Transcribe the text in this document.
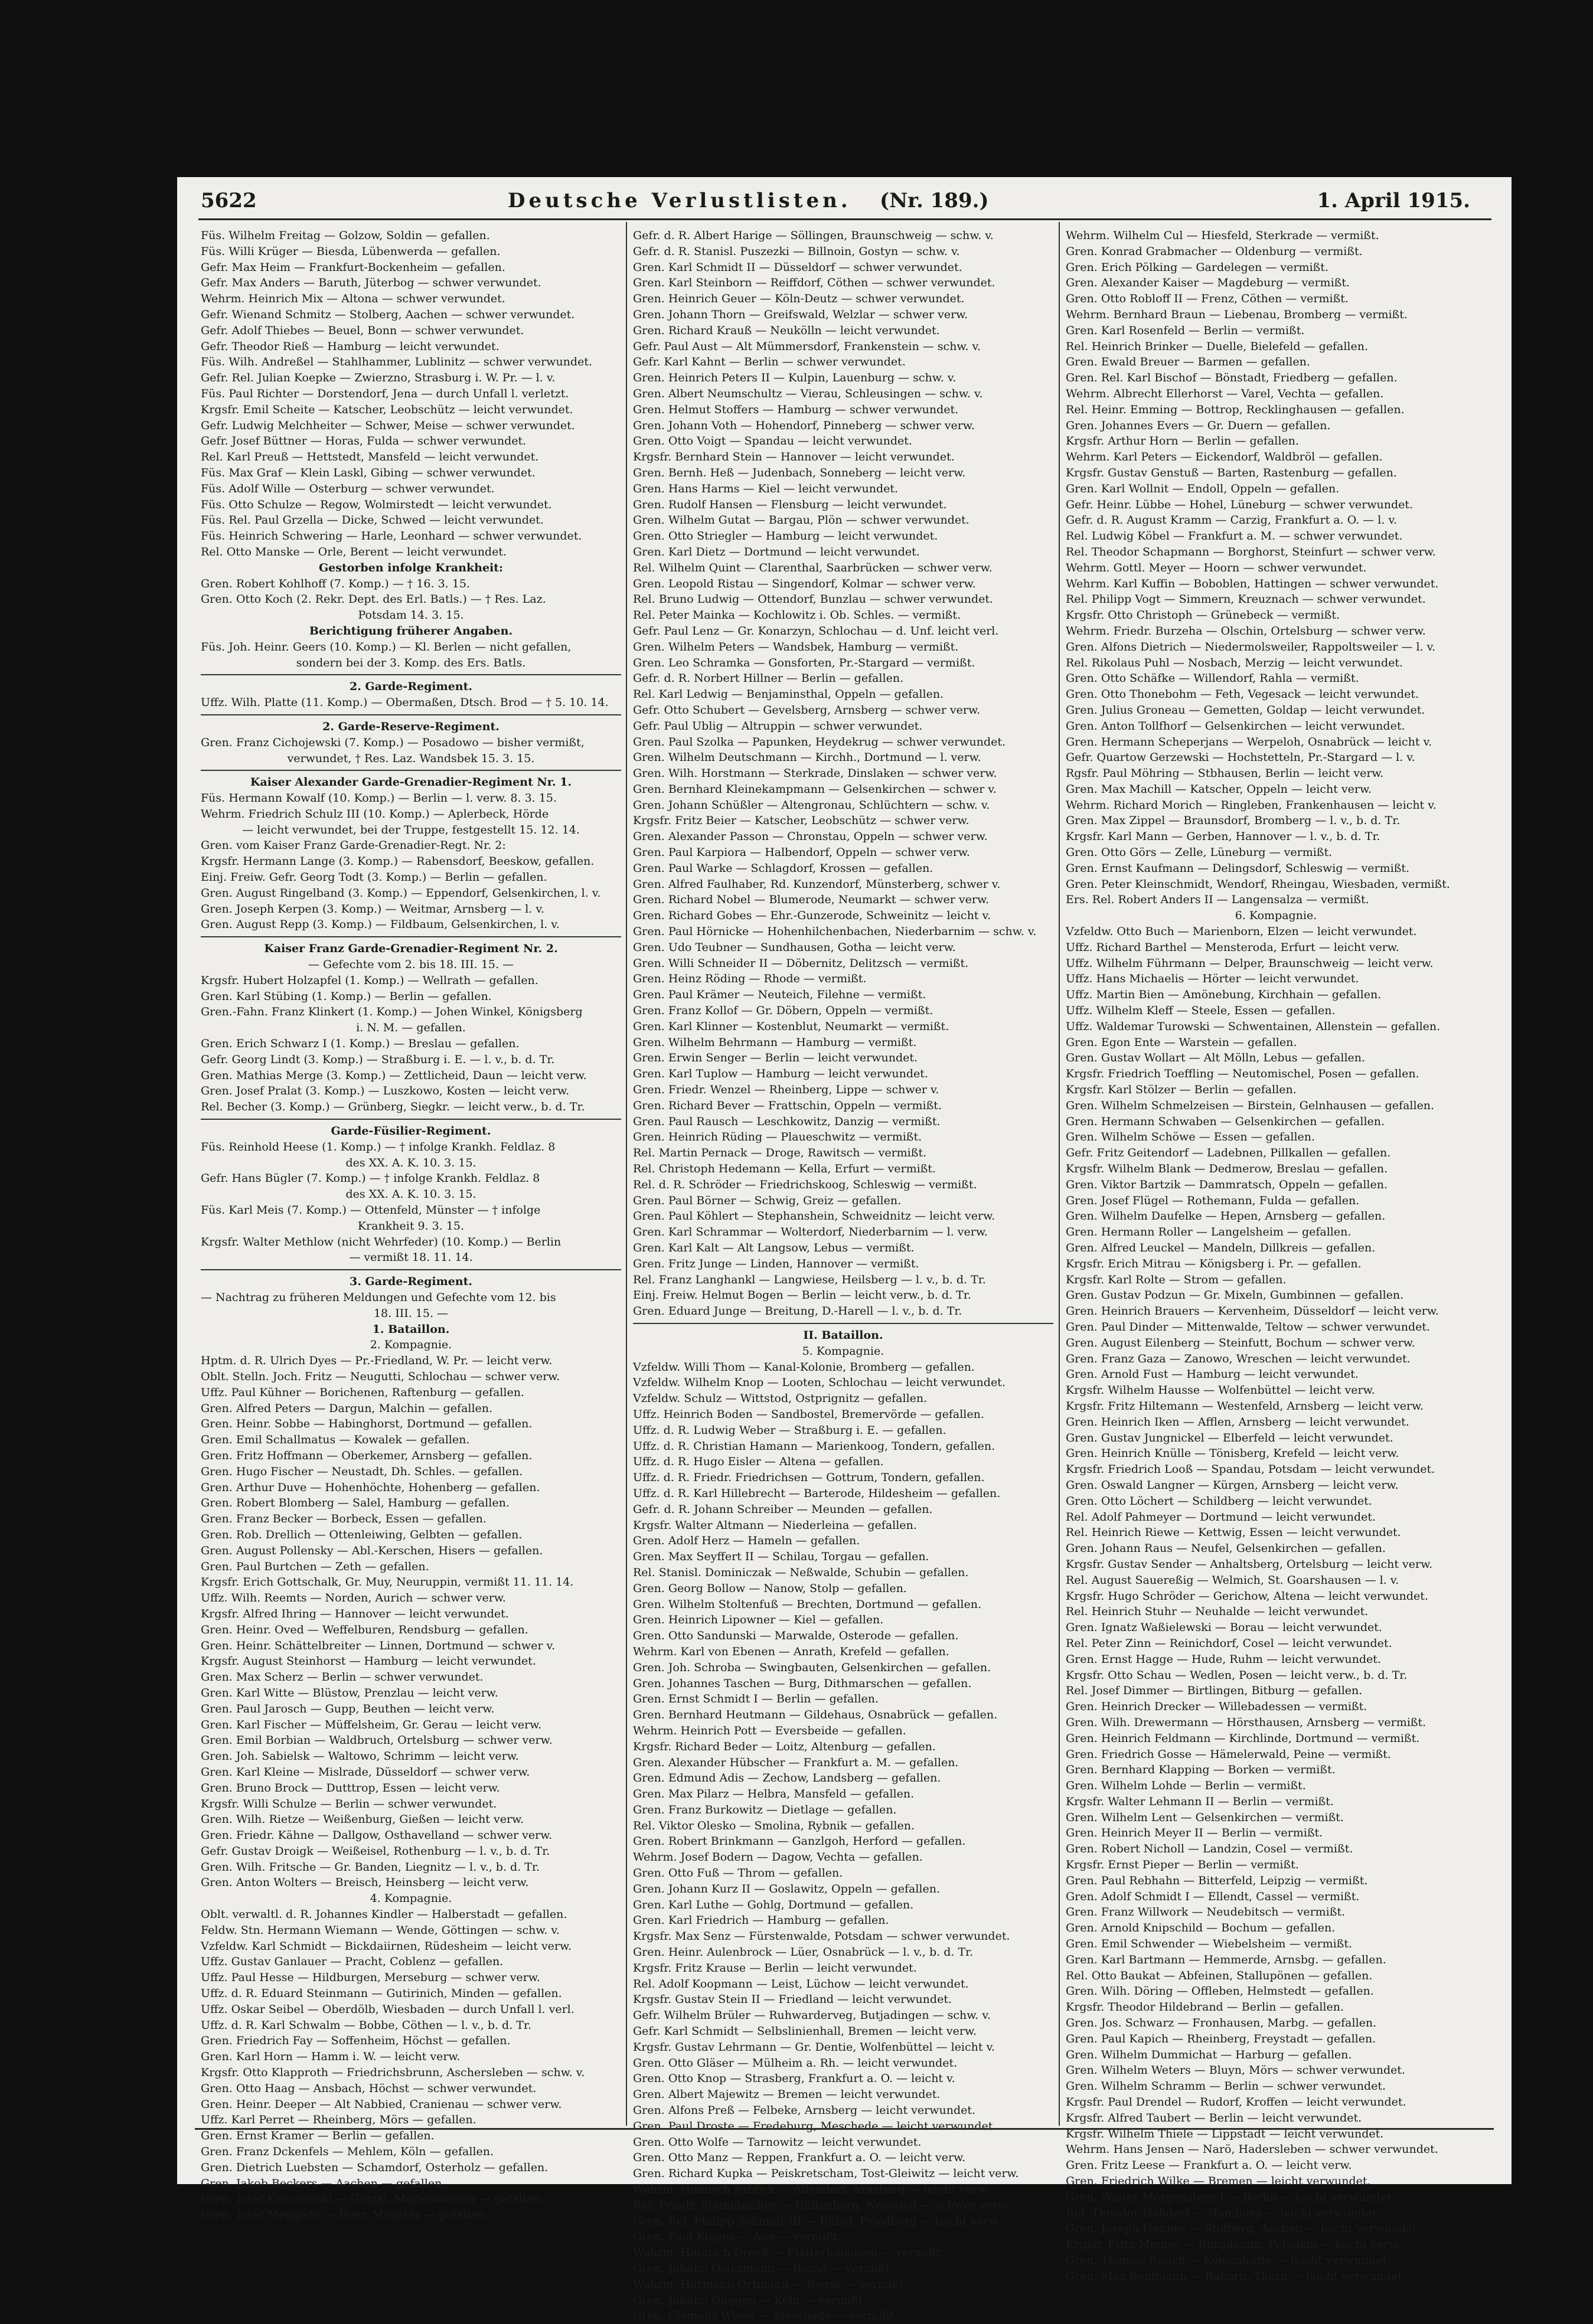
5622	Deutsche Verlustlisten. (Nr. 189.)	1. April 1915.
Füs. Wilhelm Freitag — Golzow, Soldin — gefallen.
Füs. Willi Krüger — Biesda, Lübenwerda — gefallen.
Gefr. Max Heim — Frankfurt-Bockenheim — gefallen.
Gefr. Max Anders — Baruth, Jüterbog — schwer verwundet.
Wehrm. Heinrich Mix — Altona — schwer verwundet.
Gefr. Wienand Schmitz — Stolberg, Aachen — schwer verwundet.
Gefr. Adolf Thiebes — Beuel, Bonn — schwer verwundet.
Gefr. Theodor Rieß — Hamburg — leicht verwundet.
Füs. Wilh. Andreßel — Stahlhammer, Lublinitz — schwer verwundet.
Gefr. Rel. Julian Koepke — Zwierzno, Strasburg i. W. Pr. — l. v.
Füs. Paul Richter — Dorstendorf, Jena — durch Unfall l. verletzt.
Krgsfr. Emil Scheite — Katscher, Leobschütz — leicht verwundet.
Gefr. Ludwig Melchheiter — Schwer, Meise — schwer verwundet.
Gefr. Josef Büttner — Horas, Fulda — schwer verwundet.
Rel. Karl Preuß — Hettstedt, Mansfeld — leicht verwundet.
Füs. Max Graf — Klein Laskl, Gibing — schwer verwundet.
Füs. Adolf Wille — Osterburg — schwer verwundet.
Füs. Otto Schulze — Regow, Wolmirstedt — leicht verwundet.
Füs. Rel. Paul Grzella — Dicke, Schwed — leicht verwundet.
Füs. Heinrich Schwering — Harle, Leonhard — schwer verwundet.
Rel. Otto Manske — Orle, Berent — leicht verwundet.
Gestorben infolge Krankheit:
Gren. Robert Kohlhoff (7. Komp.) — † 16. 3. 15.
Gren. Otto Koch (2. Rekr. Dept. des Erl. Batls.) — † Res. Laz.
Potsdam 14. 3. 15.
Berichtigung früherer Angaben.
Füs. Joh. Heinr. Geers (10. Komp.) — Kl. Berlen — nicht gefallen,
sondern bei der 3. Komp. des Ers. Batls.
2. Garde-Regiment.
Uffz. Wilh. Platte (11. Komp.) — Obermaßen, Dtsch. Brod — † 5. 10. 14.
2. Garde-Reserve-Regiment.
Gren. Franz Cichojewski (7. Komp.) — Posadowo — bisher vermißt,
verwundet, † Res. Laz. Wandsbek 15. 3. 15.
Kaiser Alexander Garde-Grenadier-Regiment Nr. 1.
Füs. Hermann Kowalf (10. Komp.) — Berlin — l. verw. 8. 3. 15.
Wehrm. Friedrich Schulz III (10. Komp.) — Aplerbeck, Hörde
— leicht verwundet, bei der Truppe, festgestellt 15. 12. 14.
Gren. vom Kaiser Franz Garde-Grenadier-Regt. Nr. 2:
Krgsfr. Hermann Lange (3. Komp.) — Rabensdorf, Beeskow, gefallen.
Einj. Freiw. Gefr. Georg Todt (3. Komp.) — Berlin — gefallen.
Gren. August Ringelband (3. Komp.) — Eppendorf, Gelsenkirchen, l. v.
Gren. Joseph Kerpen (3. Komp.) — Weitmar, Arnsberg — l. v.
Gren. August Repp (3. Komp.) — Fildbaum, Gelsenkirchen, l. v.
Kaiser Franz Garde-Grenadier-Regiment Nr. 2.
— Gefechte vom 2. bis 18. III. 15. —
Krgsfr. Hubert Holzapfel (1. Komp.) — Wellrath — gefallen.
Gren. Karl Stübing (1. Komp.) — Berlin — gefallen.
Gren.-Fahn. Franz Klinkert (1. Komp.) — Johen Winkel, Königsberg
i. N. M. — gefallen.
Gren. Erich Schwarz I (1. Komp.) — Breslau — gefallen.
Gefr. Georg Lindt (3. Komp.) — Straßburg i. E. — l. v., b. d. Tr.
Gren. Mathias Merge (3. Komp.) — Zettlicheid, Daun — leicht verw.
Gren. Josef Pralat (3. Komp.) — Luszkowo, Kosten — leicht verw.
Rel. Becher (3. Komp.) — Grünberg, Siegkr. — leicht verw., b. d. Tr.
Garde-Füsilier-Regiment.
Füs. Reinhold Heese (1. Komp.) — † infolge Krankh. Feldlaz. 8
des XX. A. K. 10. 3. 15.
Gefr. Hans Bügler (7. Komp.) — † infolge Krankh. Feldlaz. 8
des XX. A. K. 10. 3. 15.
Füs. Karl Meis (7. Komp.) — Ottenfeld, Münster — † infolge
Krankheit 9. 3. 15.
Krgsfr. Walter Methlow (nicht Wehrfeder) (10. Komp.) — Berlin
— vermißt 18. 11. 14.
3. Garde-Regiment.
— Nachtrag zu früheren Meldungen und Gefechte vom 12. bis
18. III. 15. —
1. Bataillon.
2. Kompagnie.
Hptm. d. R. Ulrich Dyes — Pr.-Friedland, W. Pr. — leicht verw.
Oblt. Stelln. Joch. Fritz — Neugutti, Schlochau — schwer verw.
Uffz. Paul Kühner — Borichenen, Raftenburg — gefallen.
Gren. Alfred Peters — Dargun, Malchin — gefallen.
Gren. Heinr. Sobbe — Habinghorst, Dortmund — gefallen.
Gren. Emil Schallmatus — Kowalek — gefallen.
Gren. Fritz Hoffmann — Oberkemer, Arnsberg — gefallen.
Gren. Hugo Fischer — Neustadt, Dh. Schles. — gefallen.
Gren. Arthur Duve — Hohenhöchte, Hohenberg — gefallen.
Gren. Robert Blomberg — Salel, Hamburg — gefallen.
Gren. Franz Becker — Borbeck, Essen — gefallen.
Gren. Rob. Drellich — Ottenleiwing, Gelbten — gefallen.
Gren. August Pollensky — Abl.-Kerschen, Hisers — gefallen.
Gren. Paul Burtchen — Zeth — gefallen.
Krgsfr. Erich Gottschalk, Gr. Muy, Neuruppin, vermißt 11. 11. 14.
Uffz. Wilh. Reemts — Norden, Aurich — schwer verw.
Krgsfr. Alfred Ihring — Hannover — leicht verwundet.
Gren. Heinr. Oved — Weffelburen, Rendsburg — gefallen.
Gren. Heinr. Schättelbreiter — Linnen, Dortmund — schwer v.
Krgsfr. August Steinhorst — Hamburg — leicht verwundet.
Gren. Max Scherz — Berlin — schwer verwundet.
Gren. Karl Witte — Blüstow, Prenzlau — leicht verw.
Gren. Paul Jarosch — Gupp, Beuthen — leicht verw.
Gren. Karl Fischer — Müffelsheim, Gr. Gerau — leicht verw.
Gren. Emil Borbian — Waldbruch, Ortelsburg — schwer verw.
Gren. Joh. Sabielsk — Waltowo, Schrimm — leicht verw.
Gren. Karl Kleine — Mislrade, Düsseldorf — schwer verw.
Gren. Bruno Brock — Dutttrop, Essen — leicht verw.
Krgsfr. Willi Schulze — Berlin — schwer verwundet.
Gren. Wilh. Rietze — Weißenburg, Gießen — leicht verw.
Gren. Friedr. Kähne — Dallgow, Osthavelland — schwer verw.
Gefr. Gustav Droigk — Weißeisel, Rothenburg — l. v., b. d. Tr.
Gren. Wilh. Fritsche — Gr. Banden, Liegnitz — l. v., b. d. Tr.
Gren. Anton Wolters — Breisch, Heinsberg — leicht verw.
4. Kompagnie.
Oblt. verwaltl. d. R. Johannes Kindler — Halberstadt — gefallen.
Feldw. Stn. Hermann Wiemann — Wende, Göttingen — schw. v.
Vzfeldw. Karl Schmidt — Bickdaiirnen, Rüdesheim — leicht verw.
Uffz. Gustav Ganlauer — Pracht, Coblenz — gefallen.
Uffz. Paul Hesse — Hildburgen, Merseburg — schwer verw.
Uffz. d. R. Eduard Steinmann — Gutirinich, Minden — gefallen.
Uffz. Oskar Seibel — Oberdölb, Wiesbaden — durch Unfall l. verl.
Uffz. d. R. Karl Schwalm — Bobbe, Cöthen — l. v., b. d. Tr.
Gren. Friedrich Fay — Soffenheim, Höchst — gefallen.
Gren. Karl Horn — Hamm i. W. — leicht verw.
Krgsfr. Otto Klapproth — Friedrichsbrunn, Aschersleben — schw. v.
Gren. Otto Haag — Ansbach, Höchst — schwer verwundet.
Gren. Heinr. Deeper — Alt Nabbied, Cranienau — schwer verw.
Uffz. Karl Perret — Rheinberg, Mörs — gefallen.
Gren. Ernst Kramer — Berlin — gefallen.
Gren. Franz Dckenfels — Mehlem, Köln — gefallen.
Gren. Dietrich Luebsten — Schamdorf, Osterholz — gefallen.
Gren. Jakob Beckers — Aachen — gefallen.
Gren. Josef Karczewski — Gatzki, Marienwerder — gefallen.
Gren. Josef Mengede — Buer, Münster — gefallen.
Gefr. d. R. Albert Harige — Söllingen, Braunschweig — schw. v.
Gefr. d. R. Stanisl. Puszezki — Billnoin, Gostyn — schw. v.
Gren. Karl Schmidt II — Düsseldorf — schwer verwundet.
Gren. Karl Steinborn — Reiffdorf, Cöthen — schwer verwundet.
Gren. Heinrich Geuer — Köln-Deutz — schwer verwundet.
Gren. Johann Thorn — Greifswald, Welzlar — schwer verw.
Gren. Richard Krauß — Neukölln — leicht verwundet.
Gefr. Paul Aust — Alt Mümmersdorf, Frankenstein — schw. v.
Gefr. Karl Kahnt — Berlin — schwer verwundet.
Gren. Heinrich Peters II — Kulpin, Lauenburg — schw. v.
Gren. Albert Neumschultz — Vierau, Schleusingen — schw. v.
Gren. Helmut Stoffers — Hamburg — schwer verwundet.
Gren. Johann Voth — Hohendorf, Pinneberg — schwer verw.
Gren. Otto Voigt — Spandau — leicht verwundet.
Krgsfr. Bernhard Stein — Hannover — leicht verwundet.
Gren. Bernh. Heß — Judenbach, Sonneberg — leicht verw.
Gren. Hans Harms — Kiel — leicht verwundet.
Gren. Rudolf Hansen — Flensburg — leicht verwundet.
Gren. Wilhelm Gutat — Bargau, Plön — schwer verwundet.
Gren. Otto Striegler — Hamburg — leicht verwundet.
Gren. Karl Dietz — Dortmund — leicht verwundet.
Rel. Wilhelm Quint — Clarenthal, Saarbrücken — schwer verw.
Gren. Leopold Ristau — Singendorf, Kolmar — schwer verw.
Rel. Bruno Ludwig — Ottendorf, Bunzlau — schwer verwundet.
Rel. Peter Mainka — Kochlowitz i. Ob. Schles. — vermißt.
Gefr. Paul Lenz — Gr. Konarzyn, Schlochau — d. Unf. leicht verl.
Gren. Wilhelm Peters — Wandsbek, Hamburg — vermißt.
Gren. Leo Schramka — Gonsforten, Pr.-Stargard — vermißt.
Gefr. d. R. Norbert Hillner — Berlin — gefallen.
Rel. Karl Ledwig — Benjaminsthal, Oppeln — gefallen.
Gefr. Otto Schubert — Gevelsberg, Arnsberg — schwer verw.
Gefr. Paul Ublig — Altruppin — schwer verwundet.
Gren. Paul Szolka — Papunken, Heydekrug — schwer verwundet.
Gren. Wilhelm Deutschmann — Kirchh., Dortmund — l. verw.
Gren. Wilh. Horstmann — Sterkrade, Dinslaken — schwer verw.
Gren. Bernhard Kleinekampmann — Gelsenkirchen — schwer v.
Gren. Johann Schüßler — Altengronau, Schlüchtern — schw. v.
Krgsfr. Fritz Beier — Katscher, Leobschütz — schwer verw.
Gren. Alexander Passon — Chronstau, Oppeln — schwer verw.
Gren. Paul Karpiora — Halbendorf, Oppeln — schwer verw.
Gren. Paul Warke — Schlagdorf, Krossen — gefallen.
Gren. Alfred Faulhaber, Rd. Kunzendorf, Münsterberg, schwer v.
Gren. Richard Nobel — Blumerode, Neumarkt — schwer verw.
Gren. Richard Gobes — Ehr.-Gunzerode, Schweinitz — leicht v.
Gren. Paul Hörnicke — Hohenhilchenbachen, Niederbarnim — schw. v.
Gren. Udo Teubner — Sundhausen, Gotha — leicht verw.
Gren. Willi Schneider II — Döbernitz, Delitzsch — vermißt.
Gren. Heinz Röding — Rhode — vermißt.
Gren. Paul Krämer — Neuteich, Filehne — vermißt.
Gren. Franz Kollof — Gr. Döbern, Oppeln — vermißt.
Gren. Karl Klinner — Kostenblut, Neumarkt — vermißt.
Gren. Wilhelm Behrmann — Hamburg — vermißt.
Gren. Erwin Senger — Berlin — leicht verwundet.
Gren. Karl Tuplow — Hamburg — leicht verwundet.
Gren. Friedr. Wenzel — Rheinberg, Lippe — schwer v.
Gren. Richard Bever — Frattschin, Oppeln — vermißt.
Gren. Paul Rausch — Leschkowitz, Danzig — vermißt.
Gren. Heinrich Rüding — Plaueschwitz — vermißt.
Rel. Martin Pernack — Droge, Rawitsch — vermißt.
Rel. Christoph Hedemann — Kella, Erfurt — vermißt.
Rel. d. R. Schröder — Friedrichskoog, Schleswig — vermißt.
Gren. Paul Börner — Schwig, Greiz — gefallen.
Gren. Paul Köhlert — Stephanshein, Schweidnitz — leicht verw.
Gren. Karl Schrammar — Wolterdorf, Niederbarnim — l. verw.
Gren. Karl Kalt — Alt Langsow, Lebus — vermißt.
Gren. Fritz Junge — Linden, Hannover — vermißt.
Rel. Franz Langhankl — Langwiese, Heilsberg — l. v., b. d. Tr.
Einj. Freiw. Helmut Bogen — Berlin — leicht verw., b. d. Tr.
Gren. Eduard Junge — Breitung, D.-Harell — l. v., b. d. Tr.
II. Bataillon.
5. Kompagnie.
Vzfeldw. Willi Thom — Kanal-Kolonie, Bromberg — gefallen.
Vzfeldw. Wilhelm Knop — Looten, Schlochau — leicht verwundet.
Vzfeldw. Schulz — Wittstod, Ostprignitz — gefallen.
Uffz. Heinrich Boden — Sandbostel, Bremervörde — gefallen.
Uffz. d. R. Ludwig Weber — Straßburg i. E. — gefallen.
Uffz. d. R. Christian Hamann — Marienkoog, Tondern, gefallen.
Uffz. d. R. Hugo Eisler — Altena — gefallen.
Uffz. d. R. Friedr. Friedrichsen — Gottrum, Tondern, gefallen.
Uffz. d. R. Karl Hillebrecht — Barterode, Hildesheim — gefallen.
Gefr. d. R. Johann Schreiber — Meunden — gefallen.
Krgsfr. Walter Altmann — Niederleina — gefallen.
Gren. Adolf Herz — Hameln — gefallen.
Gren. Max Seyffert II — Schilau, Torgau — gefallen.
Rel. Stanisl. Dominiczak — Neßwalde, Schubin — gefallen.
Gren. Georg Bollow — Nanow, Stolp — gefallen.
Gren. Wilhelm Stoltenfuß — Brechten, Dortmund — gefallen.
Gren. Heinrich Lipowner — Kiel — gefallen.
Gren. Otto Sandunski — Marwalde, Osterode — gefallen.
Wehrm. Karl von Ebenen — Anrath, Krefeld — gefallen.
Gren. Joh. Schroba — Swingbauten, Gelsenkirchen — gefallen.
Gren. Johannes Taschen — Burg, Dithmarschen — gefallen.
Gren. Ernst Schmidt I — Berlin — gefallen.
Gren. Bernhard Heutmann — Gildehaus, Osnabrück — gefallen.
Wehrm. Heinrich Pott — Eversbeide — gefallen.
Krgsfr. Richard Beder — Loitz, Altenburg — gefallen.
Gren. Alexander Hübscher — Frankfurt a. M. — gefallen.
Gren. Edmund Adis — Zechow, Landsberg — gefallen.
Gren. Max Pilarz — Helbra, Mansfeld — gefallen.
Gren. Franz Burkowitz — Dietlage — gefallen.
Rel. Viktor Olesko — Smolina, Rybnik — gefallen.
Gren. Robert Brinkmann — Ganzlgoh, Herford — gefallen.
Wehrm. Josef Bodern — Dagow, Vechta — gefallen.
Gren. Otto Fuß — Throm — gefallen.
Gren. Johann Kurz II — Goslawitz, Oppeln — gefallen.
Gren. Karl Luthe — Gohlg, Dortmund — gefallen.
Gren. Karl Friedrich — Hamburg — gefallen.
Krgsfr. Max Senz — Fürstenwalde, Potsdam — schwer verwundet.
Gren. Heinr. Aulenbrock — Lüer, Osnabrück — l. v., b. d. Tr.
Krgsfr. Fritz Krause — Berlin — leicht verwundet.
Rel. Adolf Koopmann — Leist, Lüchow — leicht verwundet.
Krgsfr. Gustav Stein II — Friedland — leicht verwundet.
Gefr. Wilhelm Brüler — Ruhwarderveg, Butjadingen — schw. v.
Gefr. Karl Schmidt — Selbslinienhall, Bremen — leicht verw.
Krgsfr. Gustav Lehrmann — Gr. Dentie, Wolfenbüttel — leicht v.
Gren. Otto Gläser — Mülheim a. Rh. — leicht verwundet.
Gren. Otto Knop — Strasberg, Frankfurt a. O. — leicht v.
Gren. Albert Majewitz — Bremen — leicht verwundet.
Gren. Alfons Preß — Felbeke, Arnsberg — leicht verwundet.
Gren. Paul Droste — Fredeburg, Meschede — leicht verwundet.
Gren. Otto Wolfe — Tarnowitz — leicht verwundet.
Gren. Otto Manz — Reppen, Frankfurt a. O. — leicht verw.
Gren. Richard Kupka — Peiskretscham, Tost-Gleiwitz — leicht verw.
Wehrm. Heinrich Pablick — Allendorf, Arnsberg — leicht verw.
Rel. Friedr. Steinebacher — Hüllenberg, Neuwied — schwer verw.
Gren. Rel. Philipp Schmidt III — Bübel, Friedberg — leicht verw.
Gren. Paul Klages — Aue — vermißt.
Wehrm. Heinrich Dreeß — Flatterlohausen — vermißt.
Gren. Johann Ostermann — Iborst — vermißt.
Wehrm. Hermann Ortmann — Iborst — vermißt.
Gren. Johann Güggen — Köln — vermißt.
Gren. Clemens Wiese — Meschede — vermißt.
Wehrm. Wilhelm Cul — Hiesfeld, Sterkrade — vermißt.
Gren. Konrad Grabmacher — Oldenburg — vermißt.
Gren. Erich Pölking — Gardelegen — vermißt.
Gren. Alexander Kaiser — Magdeburg — vermißt.
Gren. Otto Robloff II — Frenz, Cöthen — vermißt.
Wehrm. Bernhard Braun — Liebenau, Bromberg — vermißt.
Gren. Karl Rosenfeld — Berlin — vermißt.
Rel. Heinrich Brinker — Duelle, Bielefeld — gefallen.
Gren. Ewald Breuer — Barmen — gefallen.
Gren. Rel. Karl Bischof — Bönstadt, Friedberg — gefallen.
Wehrm. Albrecht Ellerhorst — Varel, Vechta — gefallen.
Rel. Heinr. Emming — Bottrop, Recklinghausen — gefallen.
Gren. Johannes Evers — Gr. Duern — gefallen.
Krgsfr. Arthur Horn — Berlin — gefallen.
Wehrm. Karl Peters — Eickendorf, Waldbröl — gefallen.
Krgsfr. Gustav Genstuß — Barten, Rastenburg — gefallen.
Gren. Karl Wollnit — Endoll, Oppeln — gefallen.
Gefr. Heinr. Lübbe — Hohel, Lüneburg — schwer verwundet.
Gefr. d. R. August Kramm — Carzig, Frankfurt a. O. — l. v.
Rel. Ludwig Köbel — Frankfurt a. M. — schwer verwundet.
Rel. Theodor Schapmann — Borghorst, Steinfurt — schwer verw.
Wehrm. Gottl. Meyer — Hoorn — schwer verwundet.
Wehrm. Karl Kuffin — Boboblen, Hattingen — schwer verwundet.
Rel. Philipp Vogt — Simmern, Kreuznach — schwer verwundet.
Krgsfr. Otto Christoph — Grünebeck — vermißt.
Wehrm. Friedr. Burzeha — Olschin, Ortelsburg — schwer verw.
Gren. Alfons Dietrich — Niedermolsweiler, Rappoltsweiler — l. v.
Rel. Rikolaus Puhl — Nosbach, Merzig — leicht verwundet.
Gren. Otto Schäfke — Willendorf, Rahla — vermißt.
Gren. Otto Thonebohm — Feth, Vegesack — leicht verwundet.
Gren. Julius Groneau — Gemetten, Goldap — leicht verwundet.
Gren. Anton Tollfhorf — Gelsenkirchen — leicht verwundet.
Gren. Hermann Scheperjans — Werpeloh, Osnabrück — leicht v.
Gefr. Quartow Gerzewski — Hochstetteln, Pr.-Stargard — l. v.
Rgsfr. Paul Möhring — Stbhausen, Berlin — leicht verw.
Gren. Max Machill — Katscher, Oppeln — leicht verw.
Wehrm. Richard Morich — Ringleben, Frankenhausen — leicht v.
Gren. Max Zippel — Braunsdorf, Bromberg — l. v., b. d. Tr.
Krgsfr. Karl Mann — Gerben, Hannover — l. v., b. d. Tr.
Gren. Otto Görs — Zelle, Lüneburg — vermißt.
Gren. Ernst Kaufmann — Delingsdorf, Schleswig — vermißt.
Gren. Peter Kleinschmidt, Wendorf, Rheingau, Wiesbaden, vermißt.
Ers. Rel. Robert Anders II — Langensalza — vermißt.
6. Kompagnie.
Vzfeldw. Otto Buch — Marienborn, Elzen — leicht verwundet.
Uffz. Richard Barthel — Mensteroda, Erfurt — leicht verw.
Uffz. Wilhelm Führmann — Delper, Braunschweig — leicht verw.
Uffz. Hans Michaelis — Hörter — leicht verwundet.
Uffz. Martin Bien — Amönebung, Kirchhain — gefallen.
Uffz. Wilhelm Kleff — Steele, Essen — gefallen.
Uffz. Waldemar Turowski — Schwentainen, Allenstein — gefallen.
Gren. Egon Ente — Warstein — gefallen.
Gren. Gustav Wollart — Alt Mölln, Lebus — gefallen.
Krgsfr. Friedrich Toeffling — Neutomischel, Posen — gefallen.
Krgsfr. Karl Stölzer — Berlin — gefallen.
Gren. Wilhelm Schmelzeisen — Birstein, Gelnhausen — gefallen.
Gren. Hermann Schwaben — Gelsenkirchen — gefallen.
Gren. Wilhelm Schöwe — Essen — gefallen.
Gefr. Fritz Geitendorf — Ladebnen, Pillkallen — gefallen.
Krgsfr. Wilhelm Blank — Dedmerow, Breslau — gefallen.
Gren. Viktor Bartzik — Dammratsch, Oppeln — gefallen.
Gren. Josef Flügel — Rothemann, Fulda — gefallen.
Gren. Wilhelm Daufelke — Hepen, Arnsberg — gefallen.
Gren. Hermann Roller — Langelsheim — gefallen.
Gren. Alfred Leuckel — Mandeln, Dillkreis — gefallen.
Krgsfr. Erich Mitrau — Königsberg i. Pr. — gefallen.
Krgsfr. Karl Rolte — Strom — gefallen.
Gren. Gustav Podzun — Gr. Mixeln, Gumbinnen — gefallen.
Gren. Heinrich Brauers — Kervenheim, Düsseldorf — leicht verw.
Gren. Paul Dinder — Mittenwalde, Teltow — schwer verwundet.
Gren. August Eilenberg — Steinfutt, Bochum — schwer verw.
Gren. Franz Gaza — Zanowo, Wreschen — leicht verwundet.
Gren. Arnold Fust — Hamburg — leicht verwundet.
Krgsfr. Wilhelm Hausse — Wolfenbüttel — leicht verw.
Krgsfr. Fritz Hiltemann — Westenfeld, Arnsberg — leicht verw.
Gren. Heinrich Iken — Afflen, Arnsberg — leicht verwundet.
Gren. Gustav Jungnickel — Elberfeld — leicht verwundet.
Gren. Heinrich Knülle — Tönisberg, Krefeld — leicht verw.
Krgsfr. Friedrich Looß — Spandau, Potsdam — leicht verwundet.
Gren. Oswald Langner — Kürgen, Arnsberg — leicht verw.
Gren. Otto Löchert — Schildberg — leicht verwundet.
Rel. Adolf Pahmeyer — Dortmund — leicht verwundet.
Rel. Heinrich Riewe — Kettwig, Essen — leicht verwundet.
Gren. Johann Raus — Neufel, Gelsenkirchen — gefallen.
Krgsfr. Gustav Sender — Anhaltsberg, Ortelsburg — leicht verw.
Rel. August Sauereßig — Welmich, St. Goarshausen — l. v.
Krgsfr. Hugo Schröder — Gerichow, Altena — leicht verwundet.
Rel. Heinrich Stuhr — Neuhalde — leicht verwundet.
Gren. Ignatz Waßielewski — Borau — leicht verwundet.
Rel. Peter Zinn — Reinichdorf, Cosel — leicht verwundet.
Gren. Ernst Hagge — Hude, Ruhm — leicht verwundet.
Krgsfr. Otto Schau — Wedlen, Posen — leicht verw., b. d. Tr.
Rel. Josef Dimmer — Birtlingen, Bitburg — gefallen.
Gren. Heinrich Drecker — Willebadessen — vermißt.
Gren. Wilh. Drewermann — Hörsthausen, Arnsberg — vermißt.
Gren. Heinrich Feldmann — Kirchlinde, Dortmund — vermißt.
Gren. Friedrich Gosse — Hämelerwald, Peine — vermißt.
Gren. Bernhard Klapping — Borken — vermißt.
Gren. Wilhelm Lohde — Berlin — vermißt.
Krgsfr. Walter Lehmann II — Berlin — vermißt.
Gren. Wilhelm Lent — Gelsenkirchen — vermißt.
Gren. Heinrich Meyer II — Berlin — vermißt.
Gren. Robert Nicholl — Landzin, Cosel — vermißt.
Krgsfr. Ernst Pieper — Berlin — vermißt.
Gren. Paul Rebhahn — Bitterfeld, Leipzig — vermißt.
Gren. Adolf Schmidt I — Ellendt, Cassel — vermißt.
Gren. Franz Willwork — Neudebitsch — vermißt.
Gren. Arnold Knipschild — Bochum — gefallen.
Gren. Emil Schwender — Wiebelsheim — vermißt.
Gren. Karl Bartmann — Hemmerde, Arnsbg. — gefallen.
Rel. Otto Baukat — Abfeinen, Stallupönen — gefallen.
Gren. Wilh. Döring — Offleben, Helmstedt — gefallen.
Krgsfr. Theodor Hildebrand — Berlin — gefallen.
Gren. Jos. Schwarz — Fronhausen, Marbg. — gefallen.
Gren. Paul Kapich — Rheinberg, Freystadt — gefallen.
Gren. Wilhelm Dummichat — Harburg — gefallen.
Gren. Wilhelm Weters — Bluyn, Mörs — schwer verwundet.
Gren. Wilhelm Schramm — Berlin — schwer verwundet.
Krgsfr. Paul Drendel — Rudorf, Kroffen — leicht verwundet.
Krgsfr. Alfred Taubert — Berlin — leicht verwundet.
Krgsfr. Wilhelm Thiele — Lippstadt — leicht verwundet.
Wehrm. Hans Jensen — Narö, Hadersleben — schwer verwundet.
Gren. Fritz Leese — Frankfurt a. O. — leicht verw.
Gren. Friedrich Wilke — Bremen — leicht verwundet.
Gren. Walter Morgenstern I — Berlin — leicht verwundet.
Rel. Theodor Hehdorf — Hamburg — leicht verwundet.
Gren. Joseph Hennes — Stolberg, Aachen — leicht verwundet.
Krgsfr. Fritz Memes — Burgdamm, Potsdam — leicht verw.
Gren. Thomas Rauch — Königshütte — leicht verwundet.
Gren. Max Bohlmann — Bahorn, Thorn — leicht verwundet.
